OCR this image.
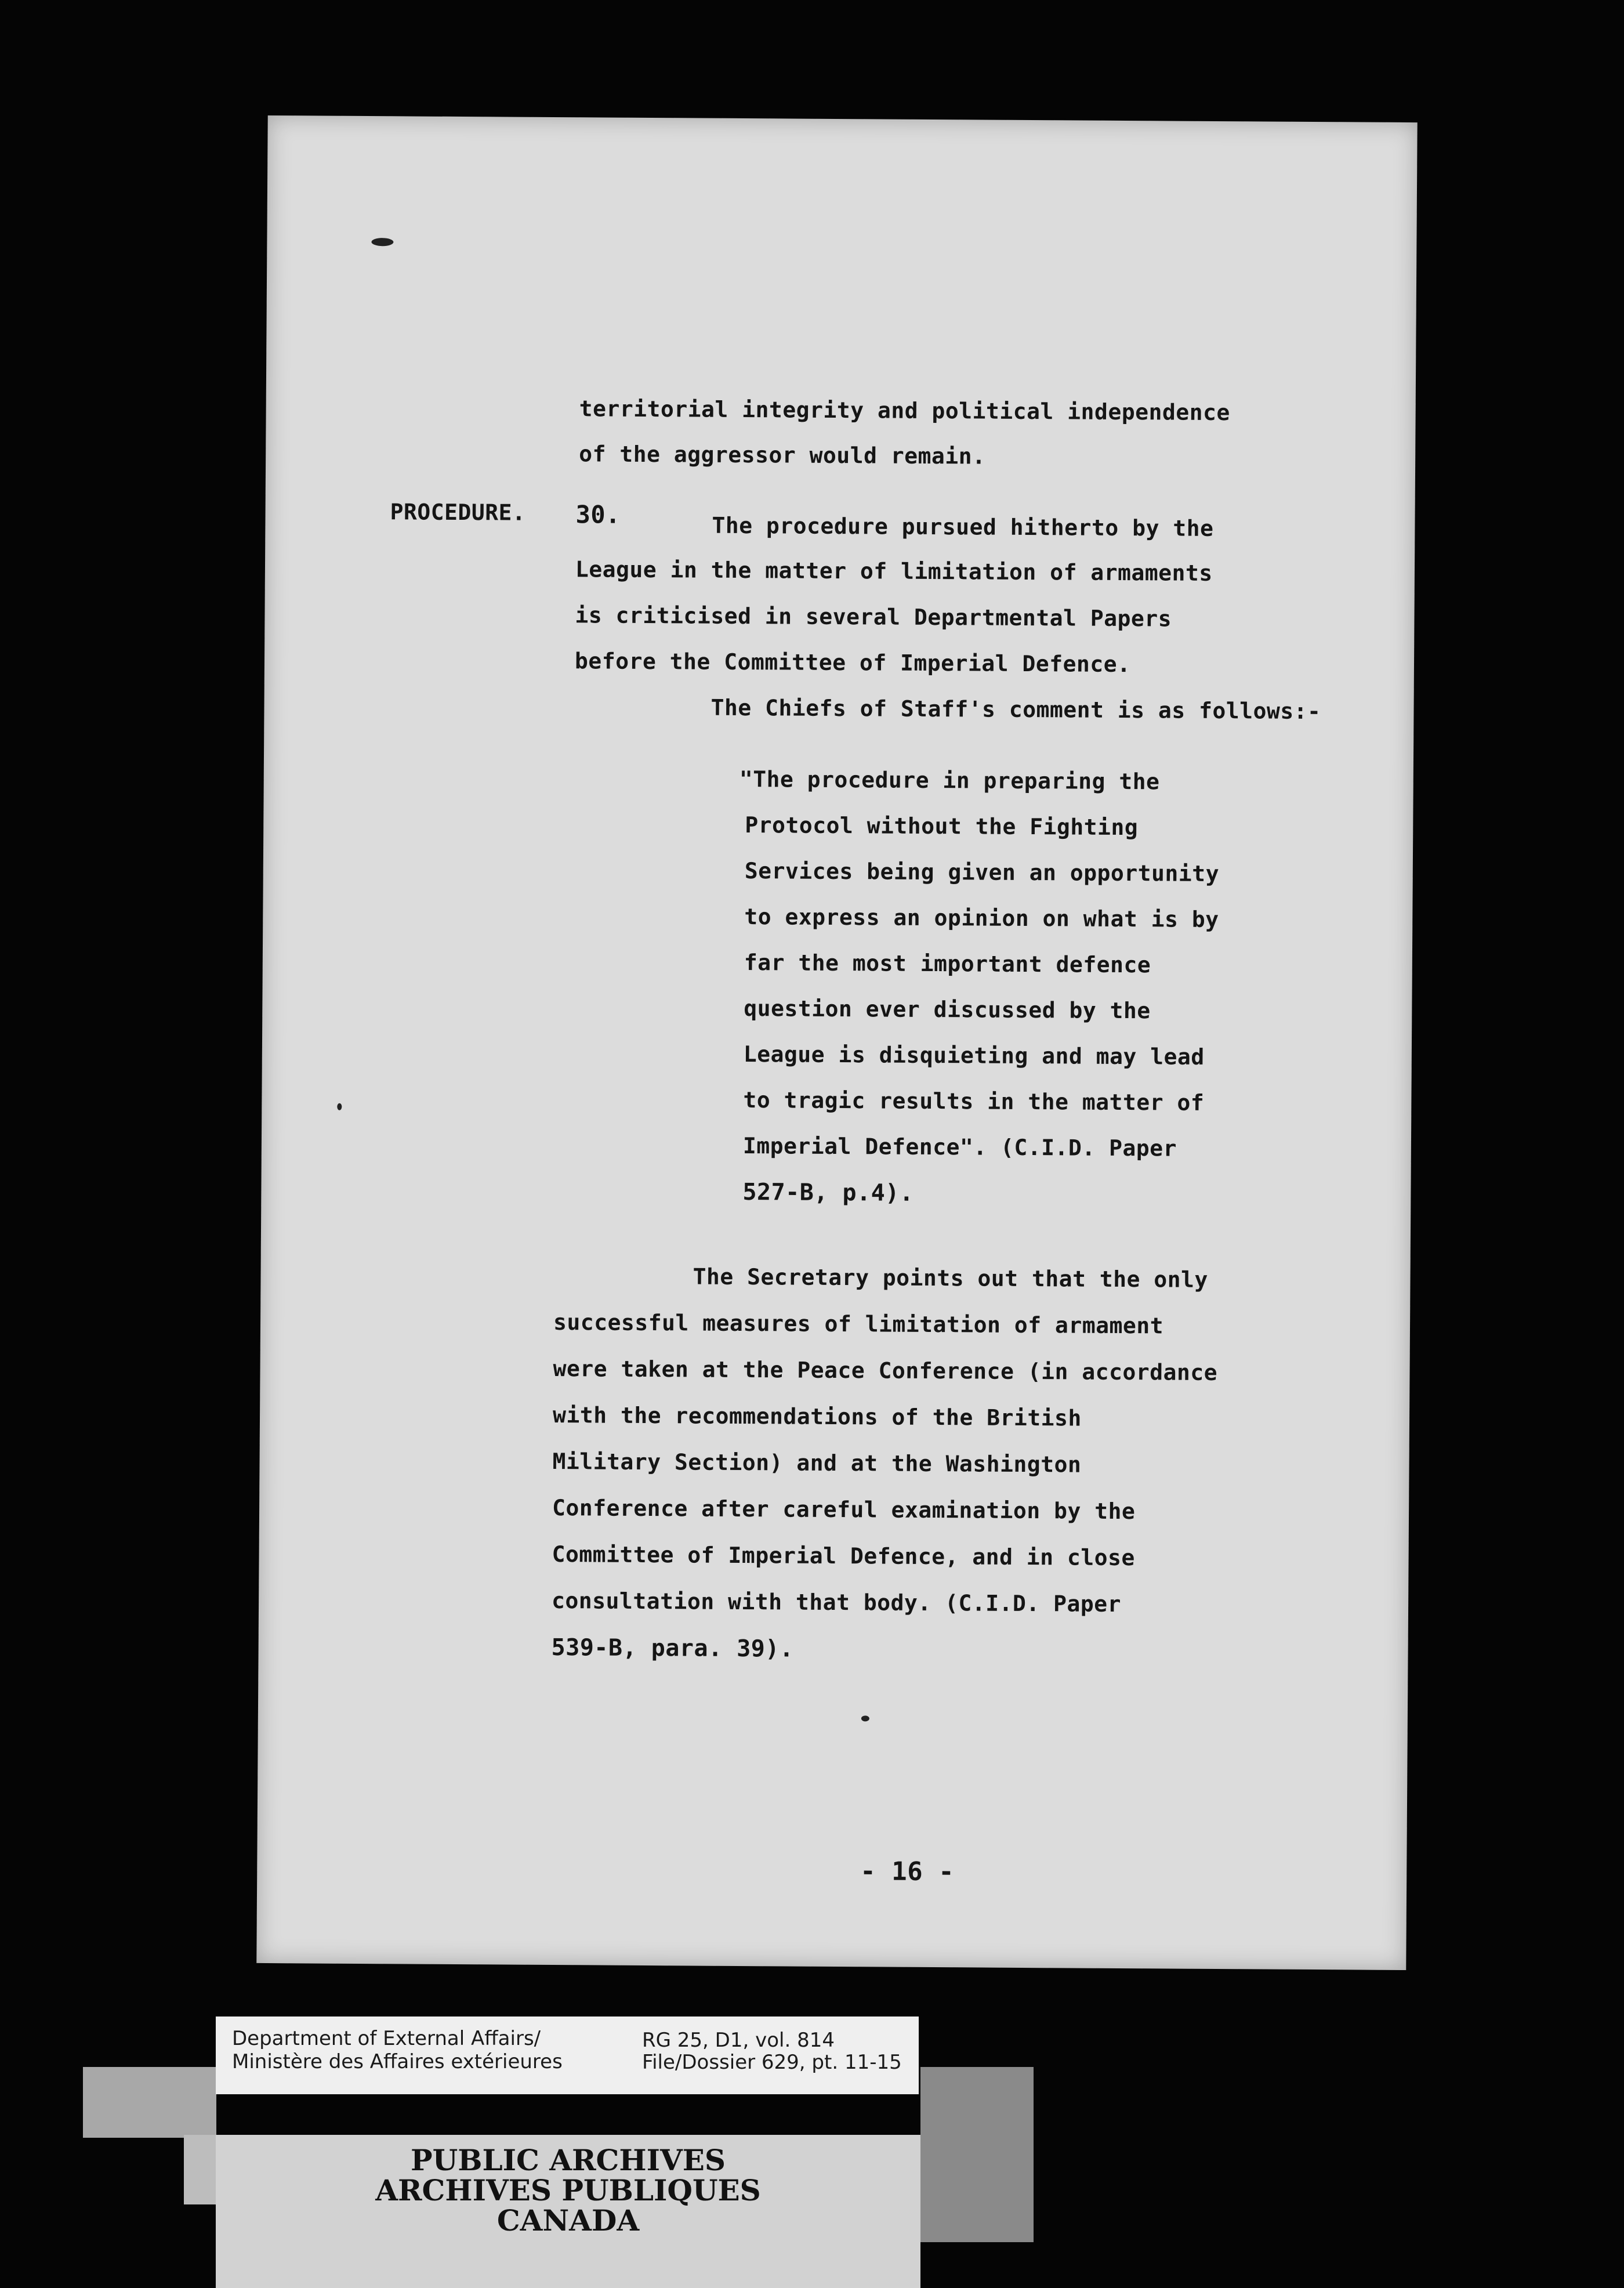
territorial integrity and political independence
of the aggressor would remain.
PROCEDURE. 30.	The procedure pursued hitherto by the
League in the matter of limitation of armaments
is criticised in several Departmental Papers
before the Committee of Imperial Defence.
The Chiefs of Staff's comment is as follows:-
"The procedure in preparing the
Protocol without the Fighting
Services being given an opportunity
to express an opinion on what is by
far the most important defence
question ever discussed by the
League is disquieting and may lead
to tragic results in the matter of
Imperial Defence". (C.I.D. Paper
527-B, p.4).
The Secretary points out that the only
successful measures of limitation of armament
were taken at the Peace Conference (in accordance
with the recommendations of the British
Military Section) and at the Washington
Conference after careful examination by the
Committee of Imperial Defence, and in close
consultation with that body. (C.I.D. Paper
539-B, para. 39).
- 16 -
Department of External Affairs/
Ministère des Affaires extérieures
RG 25, D1, vol. 814
File/Dossier 629, pt. 11-15
PUBLIC ARCHIVES
ARCHIVES PUBLIQUES
CANADA
